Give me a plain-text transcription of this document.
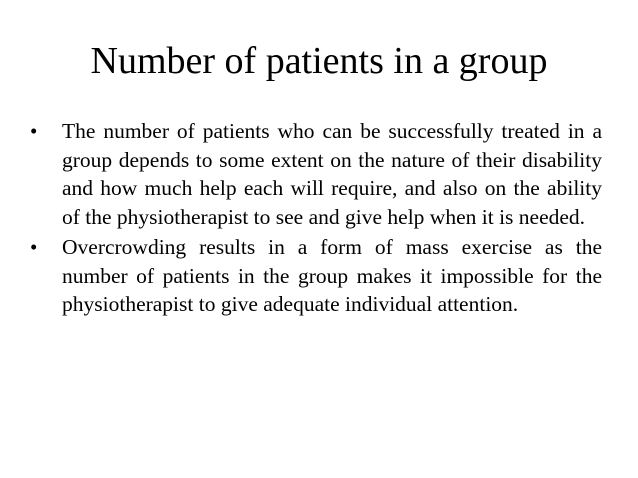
Number of patients in a group
•	The number of patients who can be successfully treated in a group depends to some extent on the nature of their disability and how much help each will require, and also on the ability of the physiotherapist to see and give help when it is needed.
•	Overcrowding results in a form of mass exercise as the number of patients in the group makes it impossible for the physiotherapist to give adequate individual attention.
